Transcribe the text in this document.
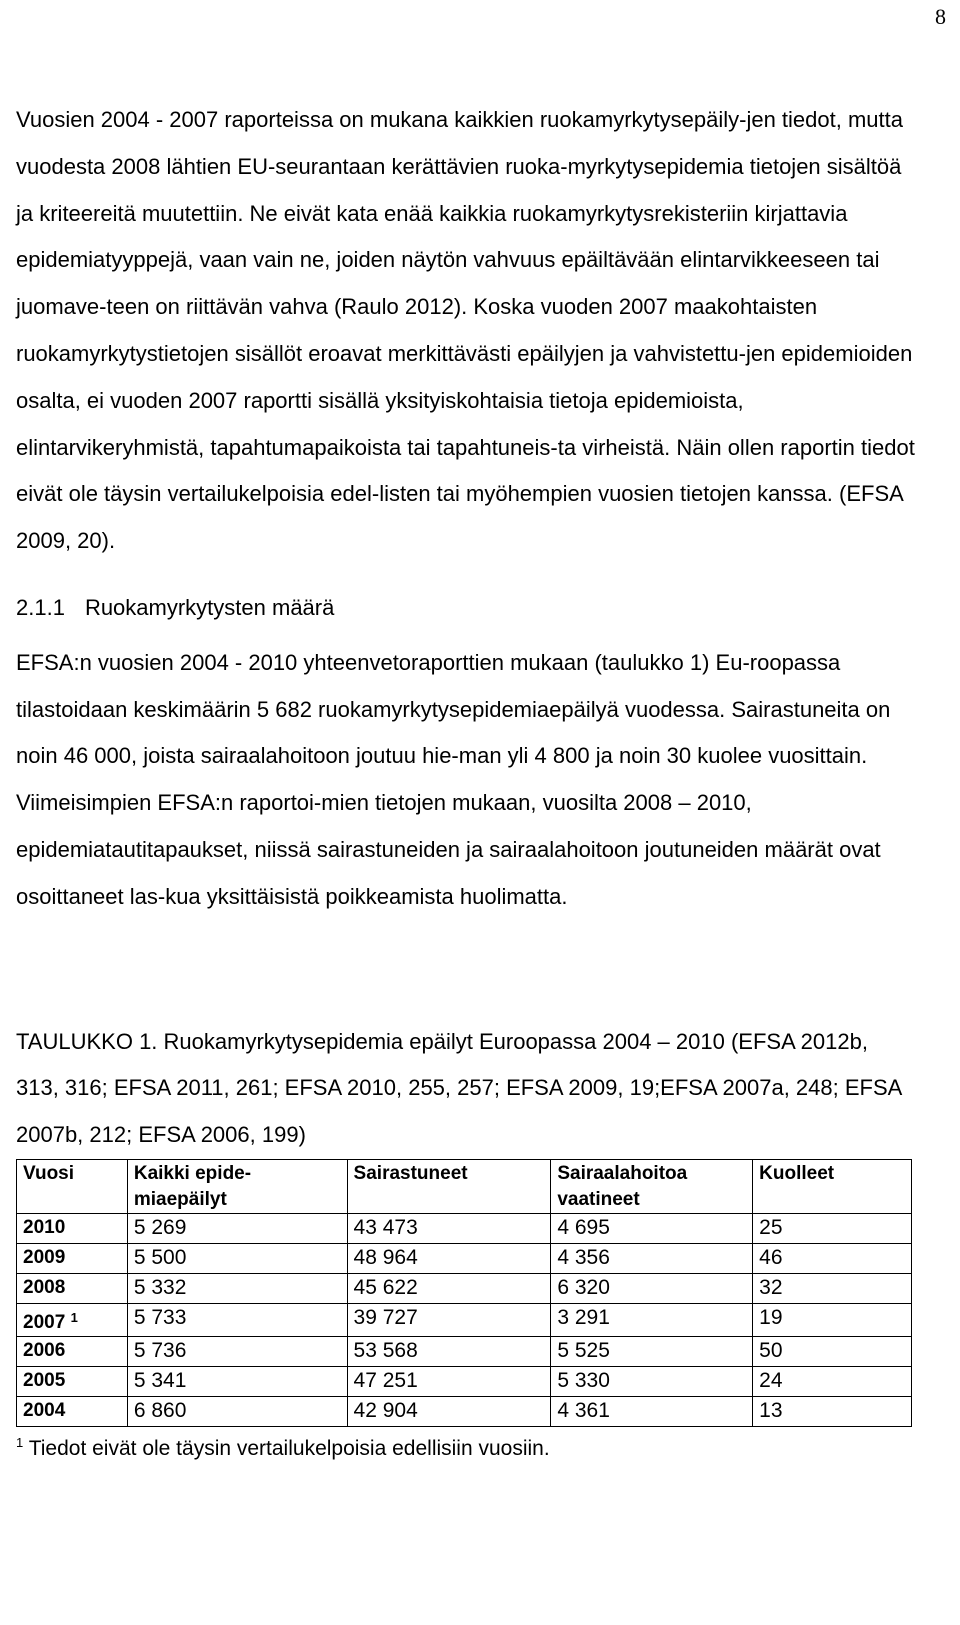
8

Vuosien 2004 - 2007 raporteissa on mukana kaikkien ruokamyrkytysepäily-jen tiedot, mutta vuodesta 2008 lähtien EU-seurantaan kerättävien ruoka-myrkytysepidemia tietojen sisältöä ja kriteereitä muutettiin. Ne eivät kata enää kaikkia ruokamyrkytysrekisteriin kirjattavia epidemiatyyppejä, vaan vain ne, joiden näytön vahvuus epäiltävään elintarvikkeeseen tai juomave-teen on riittävän vahva (Raulo 2012). Koska vuoden 2007 maakohtaisten ruokamyrkytystietojen sisällöt eroavat merkittävästi epäilyjen ja vahvistettu-jen epidemioiden osalta, ei vuoden 2007 raportti sisällä yksityiskohtaisia tietoja epidemioista, elintarvikeryhmistä, tapahtumapaikoista tai tapahtuneis-ta virheistä. Näin ollen raportin tiedot eivät ole täysin vertailukelpoisia edel-listen tai myöhempien vuosien tietojen kanssa. (EFSA 2009, 20).

2.1.1 Ruokamyrkytysten määrä

EFSA:n vuosien 2004 - 2010 yhteenvetoraporttien mukaan (taulukko 1) Eu-roopassa tilastoidaan keskimäärin 5 682 ruokamyrkytysepidemiaepäilyä vuodessa. Sairastuneita on noin 46 000, joista sairaalahoitoon joutuu hie-man yli 4 800 ja noin 30 kuolee vuosittain. Viimeisimpien EFSA:n raportoi-mien tietojen mukaan, vuosilta 2008 – 2010, epidemiatautitapaukset, niissä sairastuneiden ja sairaalahoitoon joutuneiden määrät ovat osoittaneet las-kua yksittäisistä poikkeamista huolimatta.

TAULUKKO 1. Ruokamyrkytysepidemia epäilyt Euroopassa 2004 – 2010 (EFSA 2012b, 313, 316; EFSA 2011, 261; EFSA 2010, 255, 257; EFSA 2009, 19;EFSA 2007a, 248; EFSA 2007b, 212; EFSA 2006, 199)

Vuosi	Kaikki epide-miaepäilyt	Sairastuneet	Sairaalahoitoa vaatineet	Kuolleet
2010	5 269	43 473	4 695	25
2009	5 500	48 964	4 356	46
2008	5 332	45 622	6 320	32
2007 $^1$	5 733	39 727	3 291	19
2006	5 736	53 568	5 525	50
2005	5 341	47 251	5 330	24
2004	6 860	42 904	4 361	13

$^1$ Tiedot eivät ole täysin vertailukelpoisia edellisiin vuosiin.
